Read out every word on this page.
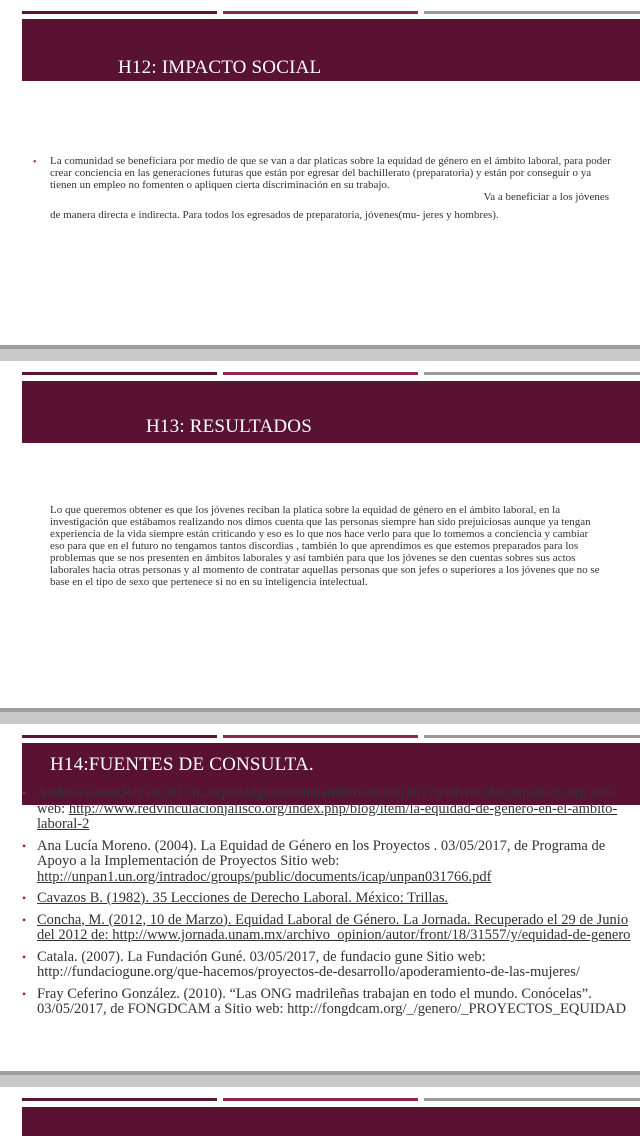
H12: IMPACTO SOCIAL
• La comunidad se beneficiara por medio de que se van a dar platicas sobre la equidad de género en el ámbito laboral, para poder crear conciencia en las generaciones futuras que están por egresar del bachillerato (preparatoria) y están por conseguir o ya tienen un empleo no fomenten o apliquen cierta discriminación en su trabajo.
Va a beneficiar a los jóvenes
de manera directa e indirecta. Para todos los egresados de preparatoria, jóvenes(mu- jeres y hombres).
H13: RESULTADOS
Lo que queremos obtener es que los jóvenes reciban la platica sobre la equidad de género en el ámbito laboral, en la investigación que estábamos realizando nos dimos cuenta que las personas siempre han sido prejuiciosas aunque ya tengan experiencia de la vida siempre están criticando y eso es lo que nos hace verlo para que lo tomemos a conciencia y cambiar eso para que en el futuro no tengamos tantos discordias , también lo que aprendimos es que estemos preparados para los problemas que se nos presenten en ámbitos laborales y así también para que los jóvenes se den cuentas sobres sus actos laborales hacia otras personas y al momento de contratar aquellas personas que son jefes o superiores a los jóvenes que no se base en el tipo de sexo que pertenece si no en su inteligencia intelectual.
H14:FUENTES DE CONSULTA.
• AndreaGomezReyes(2015)Laequidadgeneroenelambitolaboral(2017)redvinculacionjalisco.org sitio web: http://www.redvinculacionjalisco.org/index.php/blog/item/la-equidad-de-genero-en-el-ambito-laboral-2
• Ana Lucía Moreno. (2004). La Equidad de Género en los Proyectos . 03/05/2017, de Programa de Apoyo a la Implementación de Proyectos Sitio web: http://unpan1.un.org/intradoc/groups/public/documents/icap/unpan031766.pdf
• Cavazos B. (1982). 35 Lecciones de Derecho Laboral. México: Trillas.
• Concha, M. (2012, 10 de Marzo). Equidad Laboral de Género. La Jornada. Recuperado el 29 de Junio del 2012 de: http://www.jornada.unam.mx/archivo_opinion/autor/front/18/31557/y/equidad-de-genero
• Catala. (2007). La Fundación Guné. 03/05/2017, de fundacio gune Sitio web: http://fundaciogune.org/que-hacemos/proyectos-de-desarrollo/apoderamiento-de-las-mujeres/
• Fray Ceferino González. (2010). “Las ONG madrileñas trabajan en todo el mundo. Conócelas”. 03/05/2017, de FONGDCAM a Sitio web: http://fongdcam.org/_/genero/_PROYECTOS_EQUIDAD
